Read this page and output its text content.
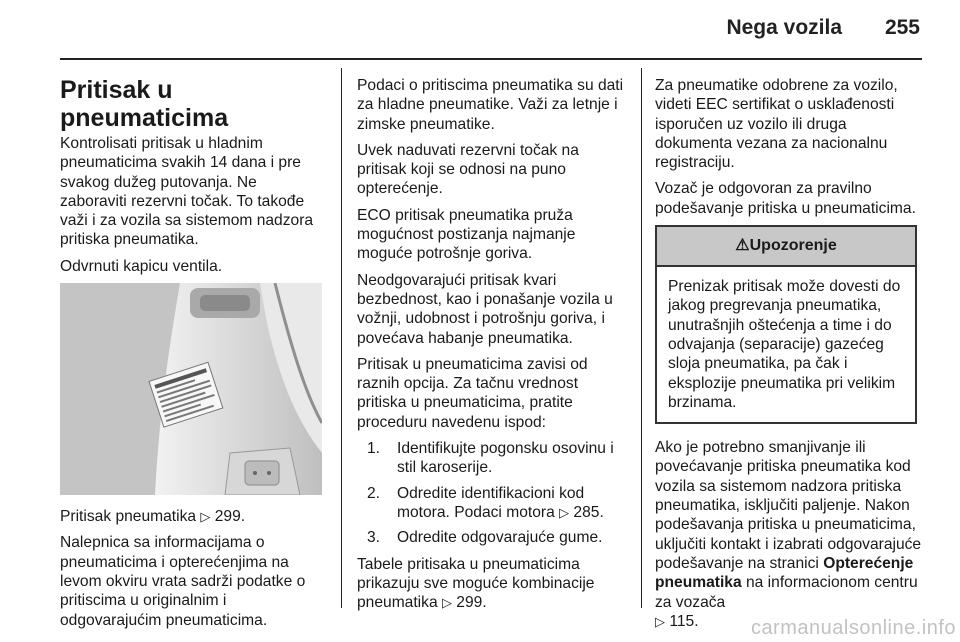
Nega vozila 255
Pritisak u pneumaticima

Kontrolisati pritisak u hladnim pneumaticima svakih 14 dana i pre svakog dužeg putovanja. Ne zaboraviti rezervni točak. To takođe važi i za vozila sa sistemom nadzora pritiska pneumatika.

Odvrnuti kapicu ventila.

Pritisak pneumatika ▷ 299.

Nalepnica sa informacijama o pneumaticima i opterećenjima na levom okviru vrata sadrži podatke o pritiscima u originalnim i odgovarajućim pneumaticima.

Podaci o pritiscima pneumatika su dati za hladne pneumatike. Važi za letnje i zimske pneumatike.

Uvek naduvati rezervni točak na pritisak koji se odnosi na puno opterećenje.

ECO pritisak pneumatika pruža mogućnost postizanja najmanje moguće potrošnje goriva.

Neodgovarajući pritisak kvari bezbednost, kao i ponašanje vozila u vožnji, udobnost i potrošnju goriva, i povećava habanje pneumatika.

Pritisak u pneumaticima zavisi od raznih opcija. Za tačnu vrednost pritiska u pneumaticima, pratite proceduru navedenu ispod:

1. Identifikujte pogonsku osovinu i stil karoserije.
2. Odredite identifikacioni kod motora. Podaci motora ▷ 285.
3. Odredite odgovarajuće gume.

Tabele pritisaka u pneumaticima prikazuju sve moguće kombinacije pneumatika ▷ 299.

Za pneumatike odobrene za vozilo, videti EEC sertifikat o usklađenosti isporučen uz vozilo ili druga dokumenta vezana za nacionalnu registraciju.

Vozač je odgovoran za pravilno podešavanje pritiska u pneumaticima.

⚠Upozorenje
Prenizak pritisak može dovesti do jakog pregrevanja pneumatika, unutrašnjih oštećenja a time i do odvajanja (separacije) gazećeg sloja pneumatika, pa čak i eksplozije pneumatika pri velikim brzinama.

Ako je potrebno smanjivanje ili povećavanje pritiska pneumatika kod vozila sa sistemom nadzora pritiska pneumatika, isključiti paljenje. Nakon podešavanja pritiska u pneumaticima, uključiti kontakt i izabrati odgovarajuće podešavanje na stranici Opterećenje pneumatika na informacionom centru za vozača
▷ 115.	carmanualsonline.info
